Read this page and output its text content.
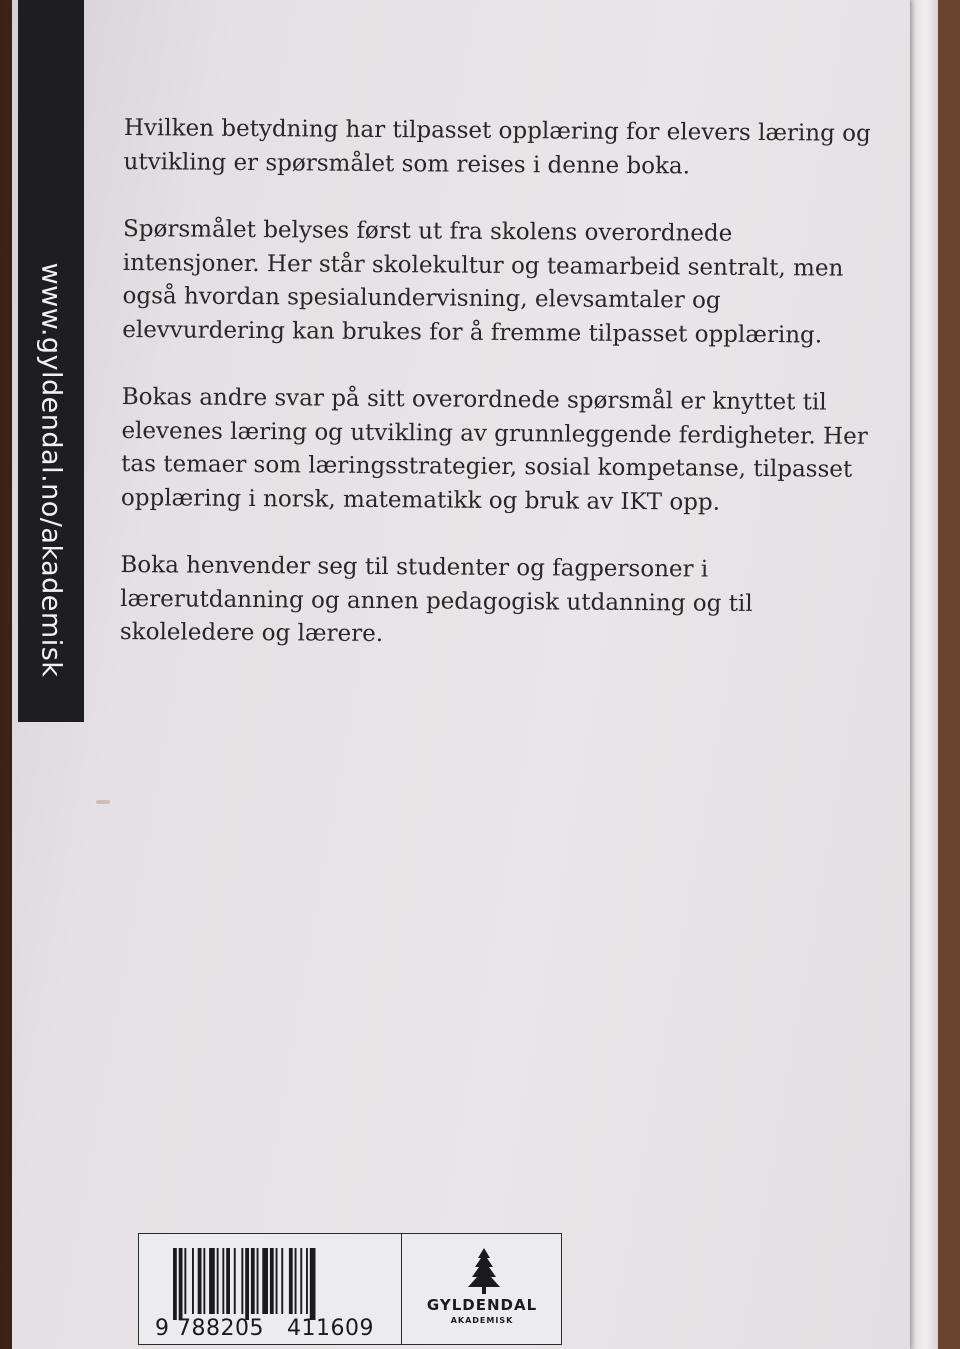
www.gyldendal.no/akademisk

Hvilken betydning har tilpasset opplæring for elevers læring og utvikling er spørsmålet som reises i denne boka.

Spørsmålet belyses først ut fra skolens overordnede intensjoner. Her står skolekultur og teamarbeid sentralt, men også hvordan spesialundervisning, elevsamtaler og elevvurdering kan brukes for å fremme tilpasset opplæring.

Bokas andre svar på sitt overordnede spørsmål er knyttet til elevenes læring og utvikling av grunnleggende ferdigheter. Her tas temaer som læringsstrategier, sosial kompetanse, tilpasset opplæring i norsk, matematikk og bruk av IKT opp.

Boka henvender seg til studenter og fagpersoner i lærerutdanning og annen pedagogisk utdanning og til skoleledere og lærere.

9 788205 411609
GYLDENDAL
AKADEMISK
